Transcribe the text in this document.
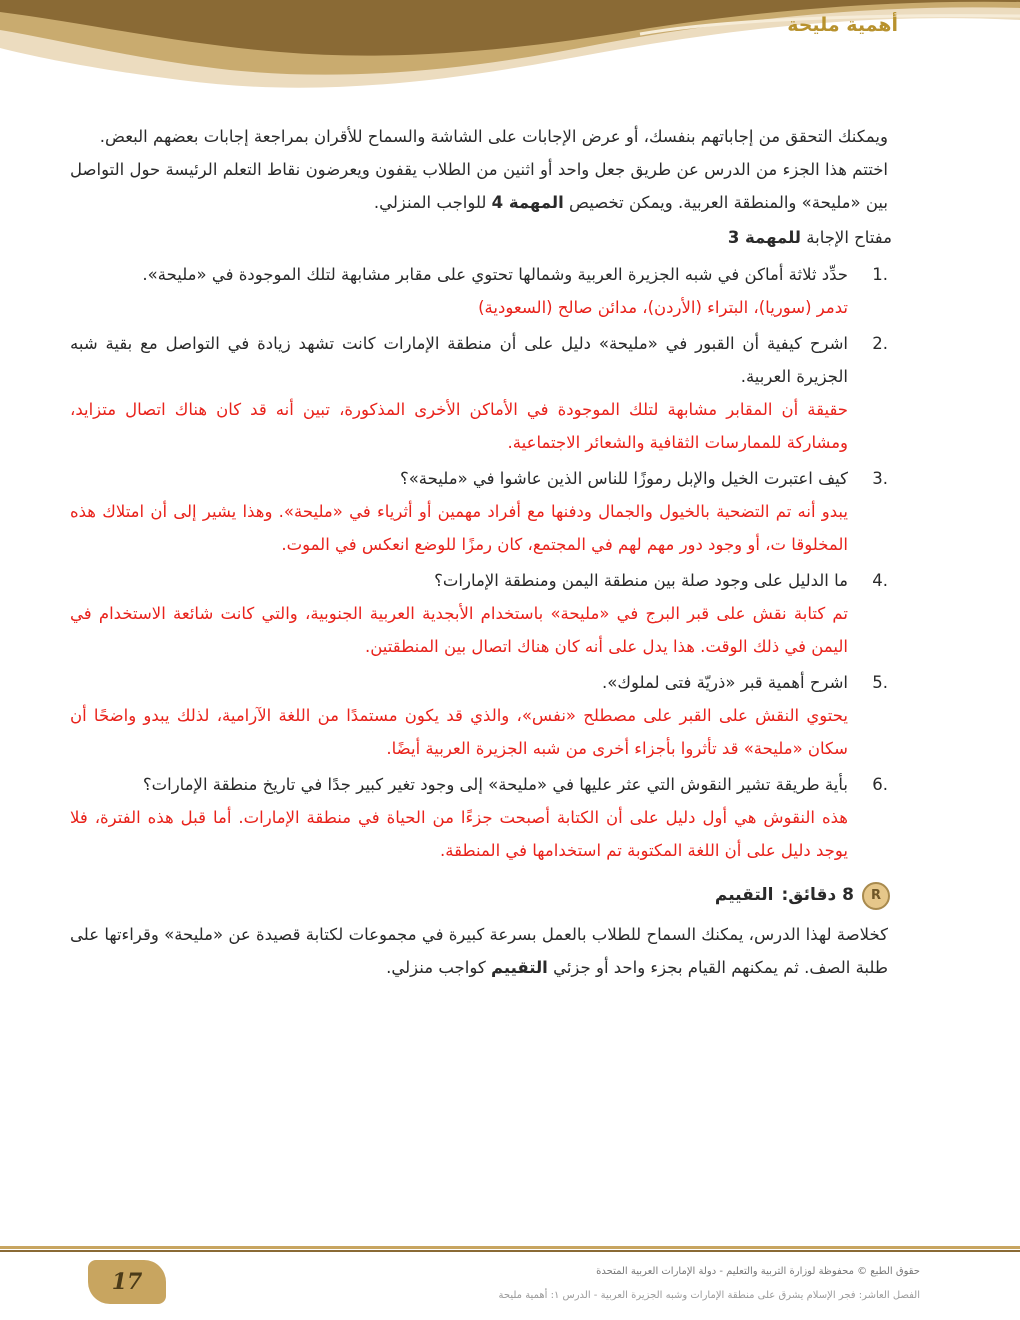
أهمية مليحة

ويمكنك التحقق من إجاباتهم بنفسك، أو عرض الإجابات على الشاشة والسماح للأقران بمراجعة إجابات بعضهم البعض.

اختتم هذا الجزء من الدرس عن طريق جعل واحد أو اثنين من الطلاب يقفون ويعرضون نقاط التعلم الرئيسة حول التواصل بين «مليحة» والمنطقة العربية. ويمكن تخصيص المهمة 4 للواجب المنزلي.

مفتاح الإجابة للمهمة 3
.1
حدِّد ثلاثة أماكن في شبه الجزيرة العربية وشمالها تحتوي على مقابر مشابهة لتلك الموجودة في «مليحة».
تدمر (سوريا)، البتراء (الأردن)، مدائن صالح (السعودية)
.2
اشرح كيفية أن القبور في «مليحة» دليل على أن منطقة الإمارات كانت تشهد زيادة في التواصل مع بقية شبه الجزيرة العربية.
حقيقة أن المقابر مشابهة لتلك الموجودة في الأماكن الأخرى المذكورة، تبين أنه قد كان هناك اتصال متزايد، ومشاركة للممارسات الثقافية والشعائر الاجتماعية.
.3
كيف اعتبرت الخيل والإبل رموزًا للناس الذين عاشوا في «مليحة»؟
يبدو أنه تم التضحية بالخيول والجمال ودفنها مع أفراد مهمين أو أثرياء في «مليحة». وهذا يشير إلى أن امتلاك هذه المخلوقا ت، أو وجود دور مهم لهم في المجتمع، كان رمزًا للوضع انعكس في الموت.
.4
ما الدليل على وجود صلة بين منطقة اليمن ومنطقة الإمارات؟
تم كتابة نقش على قبر البرج في «مليحة» باستخدام الأبجدية العربية الجنوبية، والتي كانت شائعة الاستخدام في اليمن في ذلك الوقت. هذا يدل على أنه كان هناك اتصال بين المنطقتين.
.5
اشرح أهمية قبر «ذريّة فتى لملوك».
يحتوي النقش على القبر على مصطلح «نفس»، والذي قد يكون مستمدًا من اللغة الآرامية، لذلك يبدو واضحًا أن سكان «مليحة» قد تأثروا بأجزاء أخرى من شبه الجزيرة العربية أيضًا.
.6
بأية طريقة تشير النقوش التي عثر عليها في «مليحة» إلى وجود تغير كبير جدًا في تاريخ منطقة الإمارات؟
هذه النقوش هي أول دليل على أن الكتابة أصبحت جزءًا من الحياة في منطقة الإمارات. أما قبل هذه الفترة، فلا يوجد دليل على أن اللغة المكتوبة تم استخدامها في المنطقة.
R
8 دقائق:
التقييم

كخلاصة لهذا الدرس، يمكنك السماح للطلاب بالعمل بسرعة كبيرة في مجموعات لكتابة قصيدة عن «مليحة» وقراءتها على طلبة الصف. ثم يمكنهم القيام بجزء واحد أو جزئي التقييم كواجب منزلي.

17	حقوق الطبع © محفوظة لوزارة التربية والتعليم - دولة الإمارات العربية المتحدة
الفصل العاشر: فجر الإسلام يشرق على منطقة الإمارات وشبه الجزيرة العربية - الدرس ١: أهمية مليحة
